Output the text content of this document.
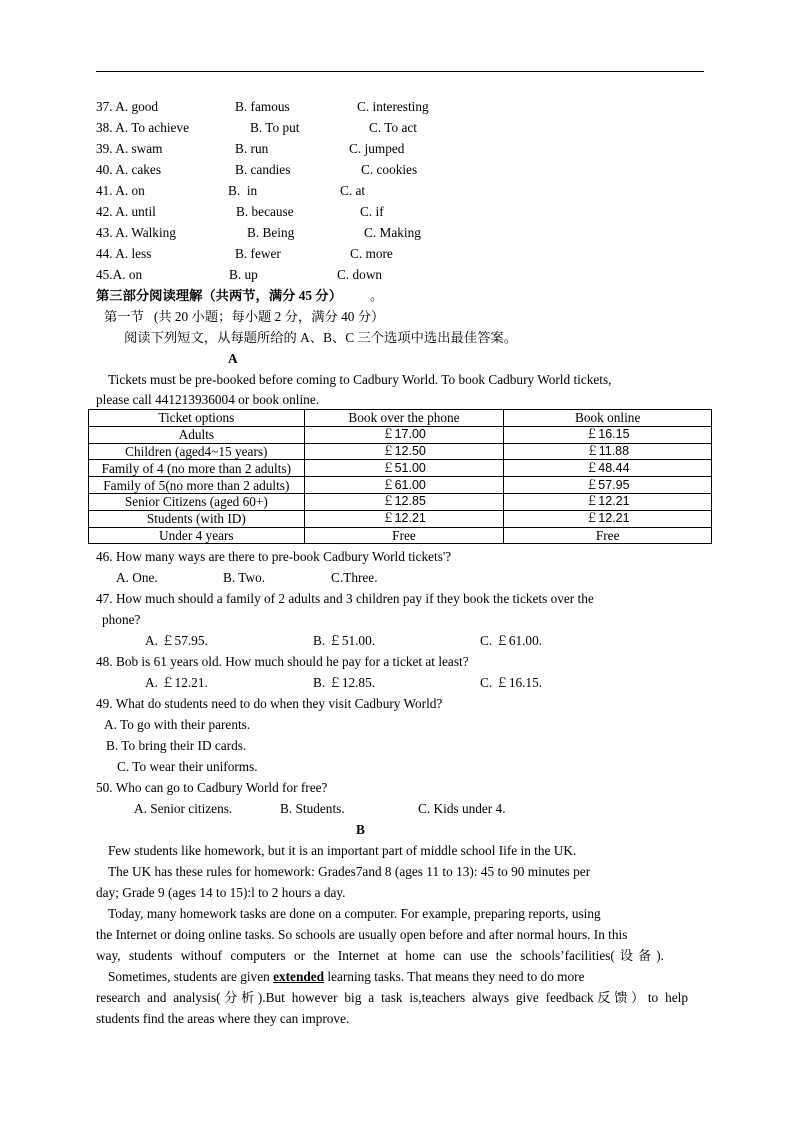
37. A. good	B. famous	C. interesting
38. A. To achieve	B. To put	C. To act
39. A. swam	B. run	C. jumped
40. A. cakes	B. candies	C. cookies
41. A. on	B.  in	C. at
42. A. until	B. because	C. if
43. A. Walking	B. Being	C. Making
44. A. less	B. fewer	C. more
45.A. on	B. up	C. down
第三部分阅读理解（共两节，满分 45 分） 。
第一节   (共 20 小题；每小题 2 分，满分 40 分）
阅读下列短文，从每题所给的 A、B、C 三个选项中选出最佳答案。
A
Tickets must be pre-booked before coming to Cadbury World. To book Cadbury World tickets,
please call 441213936004 or book online.
Ticket options	Book over the phone	Book online
Adults	￡17.00	￡16.15
Children (aged4~15 years)	￡12.50	￡11.88
Family of 4 (no more than 2 adults)	￡51.00	￡48.44
Family of 5(no more than 2 adults)	￡61.00	￡57.95
Senior Citizens (aged 60+)	￡12.85	￡12.21
Students (with ID)	￡12.21	￡12.21
Under 4 years	Free	Free
46. How many ways are there to pre-book Cadbury World tickets'?
A. One.	B. Two.	C.Three.
47. How much should a family of 2 adults and 3 children pay if they book the tickets over the
phone?
A. ￡57.95.	B. ￡51.00.	C. ￡61.00.
48. Bob is 61 years old. How much should he pay for a ticket at least?
A. ￡12.21.	B. ￡12.85.	C. ￡16.15.
49. What do students need to do when they visit Cadbury World?
A. To go with their parents.
B. To bring their ID cards.
C. To wear their uniforms.
50. Who can go to Cadbury World for free?
A. Senior citizens.	B. Students.	C. Kids under 4.
B
Few students like homework, but it is an important part of middle school Iife in the UK.
The UK has these rules for homework: Grades7and 8 (ages 11 to 13): 45 to 90 minutes per
day; Grade 9 (ages 14 to 15):l to 2 hours a day.
Today, many homework tasks are done on a computer. For example, preparing reports, using
the Internet or doing online tasks. So schools are usually open before and after normal hours. In this
way, students withouf computers or the Internet at home can use the schools’facilities(设备).
Sometimes, students are given extended learning tasks. That means they need to do more
research and analysis(分析).But however big a task is,teachers always give feedback反馈）to help
students find the areas where they can improve.
